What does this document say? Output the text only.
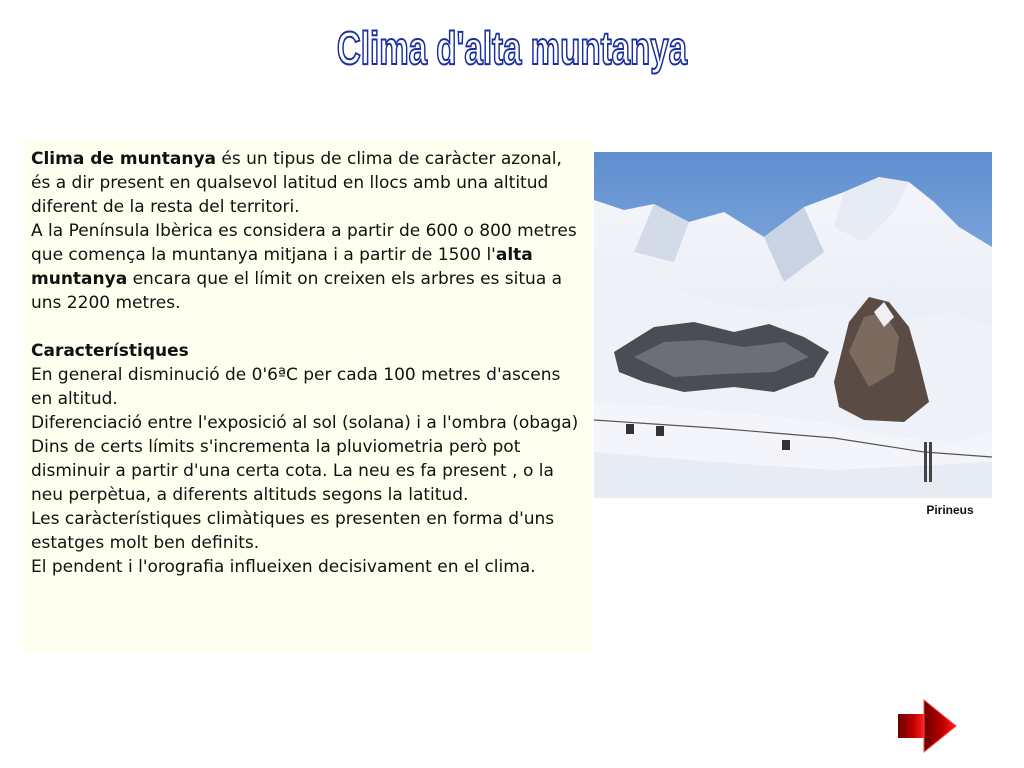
Clima d'alta muntanya

Clima de muntanya és un tipus de clima de caràcter azonal, és a dir present en qualsevol latitud en llocs amb una altitud diferent de la resta del territori.

A la Península Ibèrica es considera a partir de 600 o 800 metres que comença la muntanya mitjana i a partir de 1500 l'alta muntanya encara que el límit on creixen els arbres es situa a uns 2200 metres.

Característiques

En general disminució de 0'6ªC per cada 100 metres d'ascens en altitud.

Diferenciació entre l'exposició al sol (solana) i a l'ombra (obaga)

Dins de certs límits s'incrementa la pluviometria però pot disminuir a partir d'una certa cota. La neu es fa present , o la neu perpètua, a diferents altituds segons la latitud.

Les caràcterístiques climàtiques es presenten en forma d'uns estatges molt ben definits.

El pendent i l'orografia influeixen decisivament en el clima.

Pirineus
